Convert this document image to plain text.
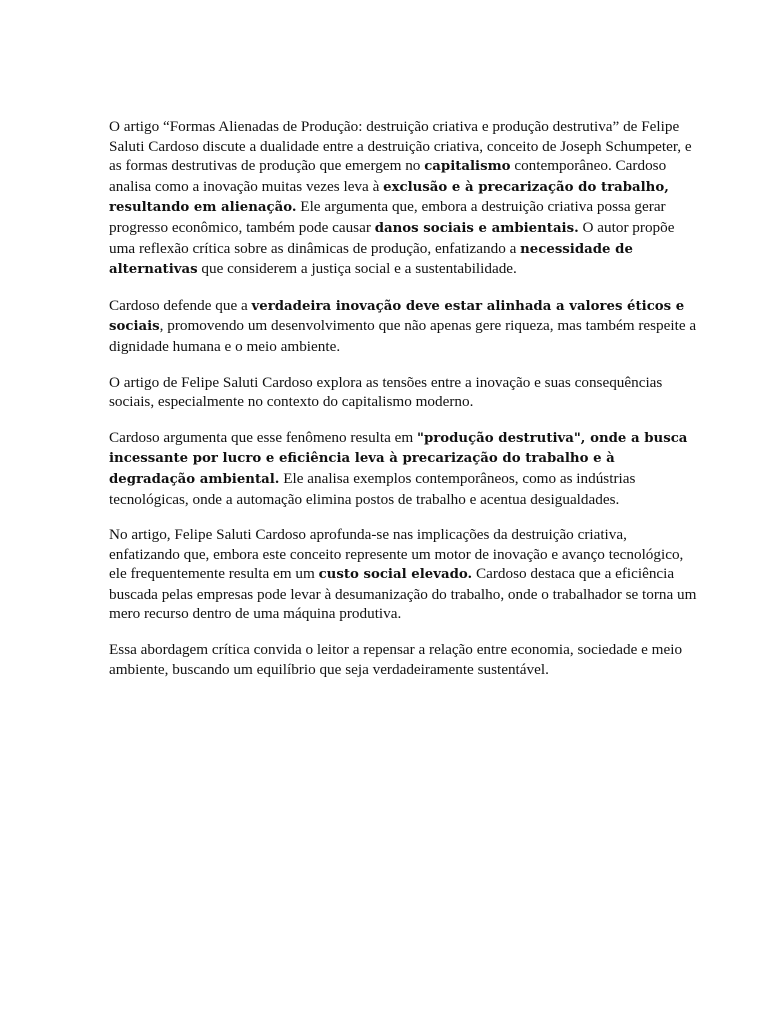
O artigo “Formas Alienadas de Produção: destruição criativa e produção destrutiva” de Felipe Saluti Cardoso discute a dualidade entre a destruição criativa, conceito de Joseph Schumpeter, e as formas destrutivas de produção que emergem no capitalismo contemporâneo. Cardoso analisa como a inovação muitas vezes leva à exclusão e à precarização do trabalho, resultando em alienação. Ele argumenta que, embora a destruição criativa possa gerar progresso econômico, também pode causar danos sociais e ambientais. O autor propõe uma reflexão crítica sobre as dinâmicas de produção, enfatizando a necessidade de alternativas que considerem a justiça social e a sustentabilidade.

Cardoso defende que a verdadeira inovação deve estar alinhada a valores éticos e sociais, promovendo um desenvolvimento que não apenas gere riqueza, mas também respeite a dignidade humana e o meio ambiente.

O artigo de Felipe Saluti Cardoso explora as tensões entre a inovação e suas consequências sociais, especialmente no contexto do capitalismo moderno.

Cardoso argumenta que esse fenômeno resulta em "produção destrutiva", onde a busca incessante por lucro e eficiência leva à precarização do trabalho e à degradação ambiental. Ele analisa exemplos contemporâneos, como as indústrias tecnológicas, onde a automação elimina postos de trabalho e acentua desigualdades.

No artigo, Felipe Saluti Cardoso aprofunda-se nas implicações da destruição criativa, enfatizando que, embora este conceito represente um motor de inovação e avanço tecnológico, ele frequentemente resulta em um custo social elevado. Cardoso destaca que a eficiência buscada pelas empresas pode levar à desumanização do trabalho, onde o trabalhador se torna um mero recurso dentro de uma máquina produtiva.

Essa abordagem crítica convida o leitor a repensar a relação entre economia, sociedade e meio ambiente, buscando um equilíbrio que seja verdadeiramente sustentável.
